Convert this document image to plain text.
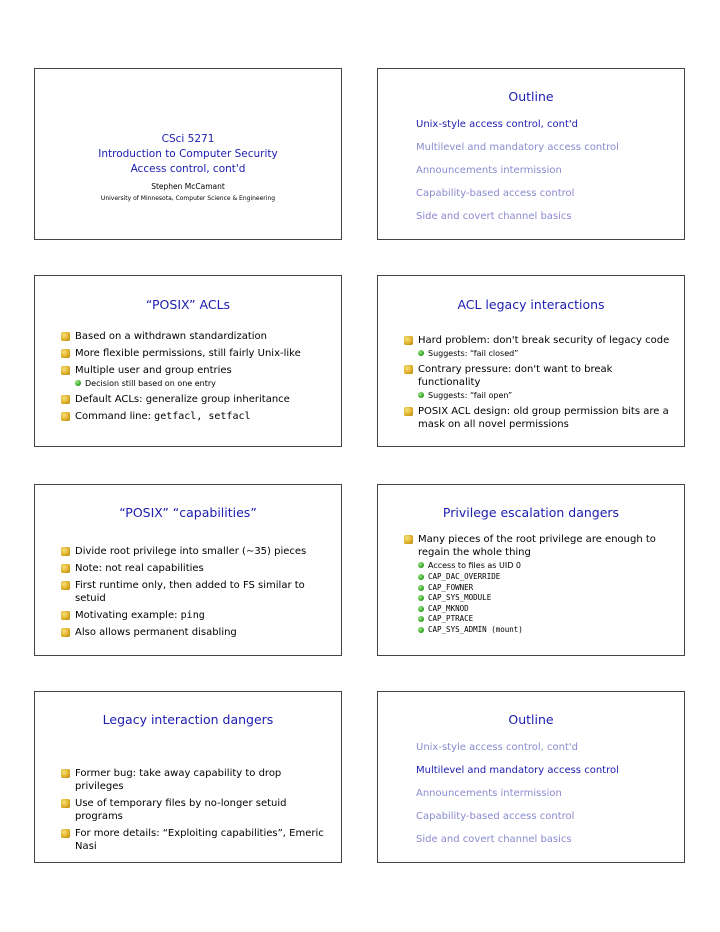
CSci 5271
Introduction to Computer Security
Access control, cont'd
Stephen McCamant
University of Minnesota, Computer Science & Engineering
Outline
Unix-style access control, cont'd
Multilevel and mandatory access control
Announcements intermission
Capability-based access control
Side and covert channel basics
“POSIX” ACLs
Based on a withdrawn standardization
More flexible permissions, still fairly Unix-like
Multiple user and group entries
Decision still based on one entry
Default ACLs: generalize group inheritance
Command line: getfacl, setfacl
ACL legacy interactions
Hard problem: don't break security of legacy code
Suggests: “fail closed”
Contrary pressure: don't want to break functionality
Suggests: “fail open”
POSIX ACL design: old group permission bits are a
mask on all novel permissions
“POSIX” “capabilities”
Divide root privilege into smaller (∼35) pieces
Note: not real capabilities
First runtime only, then added to FS similar to setuid
Motivating example: ping
Also allows permanent disabling
Privilege escalation dangers
Many pieces of the root privilege are enough to
regain the whole thing
Access to files as UID 0
CAP_DAC_OVERRIDE
CAP_FOWNER
CAP_SYS_MODULE
CAP_MKNOD
CAP_PTRACE
CAP_SYS_ADMIN (mount)
Legacy interaction dangers
Former bug: take away capability to drop privileges
Use of temporary files by no-longer setuid programs
For more details: “Exploiting capabilities”, Emeric Nasi
Outline
Unix-style access control, cont'd
Multilevel and mandatory access control
Announcements intermission
Capability-based access control
Side and covert channel basics
